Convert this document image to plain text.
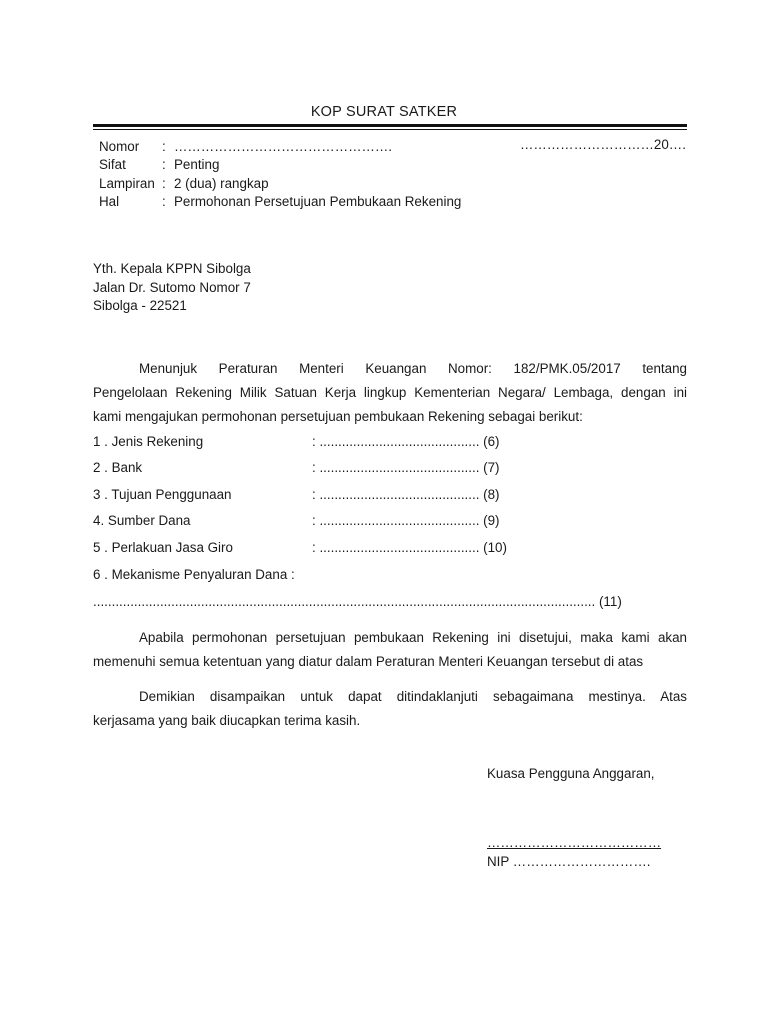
KOP SURAT SATKER
Nomor : ………………………………………….
Sifat	: Penting
Lampiran : 2 (dua) rangkap
Hal	: Permohonan Persetujuan Pembukaan Rekening
…………………………20….
Yth. Kepala KPPN Sibolga
Jalan Dr. Sutomo Nomor 7
Sibolga - 22521
Menunjuk Peraturan Menteri Keuangan Nomor: 182/PMK.05/2017 tentang
Pengelolaan Rekening Milik Satuan Kerja lingkup Kementerian Negara/ Lembaga, dengan ini
kami mengajukan permohonan persetujuan pembukaan Rekening sebagai berikut:
1 . Jenis Rekening	: ........................................... (6)
2 . Bank	: ........................................... (7)
3 . Tujuan Penggunaan	: ........................................... (8)
4. Sumber Dana	: ........................................... (9)
5 . Perlakuan Jasa Giro	: ........................................... (10)
6 . Mekanisme Penyaluran Dana :
....................................................................................................................................... (11)
Apabila permohonan persetujuan pembukaan Rekening ini disetujui, maka kami akan
memenuhi semua ketentuan yang diatur dalam Peraturan Menteri Keuangan tersebut di atas
Demikian disampaikan untuk dapat ditindaklanjuti sebagaimana mestinya. Atas
kerjasama yang baik diucapkan terima kasih.
Kuasa Pengguna Anggaran,
…………………………………
NIP ………………………….
